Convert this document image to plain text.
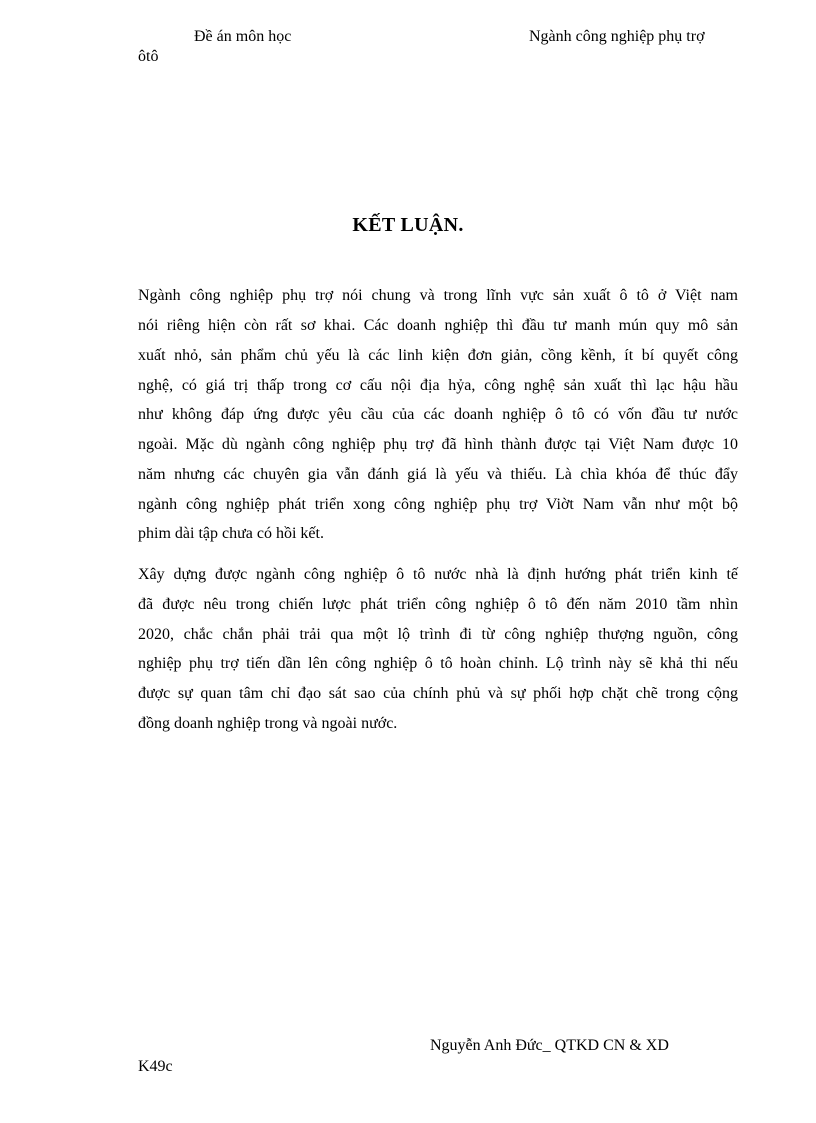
Đề án môn học	Ngành công nghiệp phụ trợ
ôtô
KẾT LUẬN.
Ngành công nghiệp phụ trợ nói chung và trong lĩnh vực sản xuất ô tô ở Việt nam
nói riêng hiện còn rất sơ khai. Các doanh nghiệp thì đầu tư manh mún quy mô sản
xuất nhỏ, sản phẩm chủ yếu là các linh kiện đơn giản, cồng kềnh, ít bí quyết công
nghệ, có giá trị thấp trong cơ cấu nội địa hỷa, công nghệ sản xuất thì lạc hậu hầu
như không đáp ứng được yêu cầu của các doanh nghiệp ô tô có vốn đầu tư nước
ngoài. Mặc dù ngành công nghiệp phụ trợ đã hình thành được tại Việt Nam được 10
năm nhưng các chuyên gia vẫn đánh giá là yếu và thiếu. Là chìa khóa để thúc đẩy
ngành công nghiệp phát triển xong công nghiệp phụ trợ Viờt Nam vẫn như một bộ
phim dài tập chưa có hồi kết.
Xây dựng được ngành công nghiệp ô tô nước nhà là định hướng phát triển kinh tế
đã được nêu trong chiến lược phát triển công nghiệp ô tô đến năm 2010 tầm nhìn
2020, chắc chắn phải trải qua một lộ trình đi từ công nghiệp thượng nguồn, công
nghiệp phụ trợ tiến dần lên công nghiệp ô tô hoàn chỉnh. Lộ trình này sẽ khả thi nếu
được sự quan tâm chỉ đạo sát sao của chính phủ và sự phối hợp chặt chẽ trong cộng
đồng doanh nghiệp trong và ngoài nước.
Nguyễn Anh Đức_ QTKD CN & XD
K49c
